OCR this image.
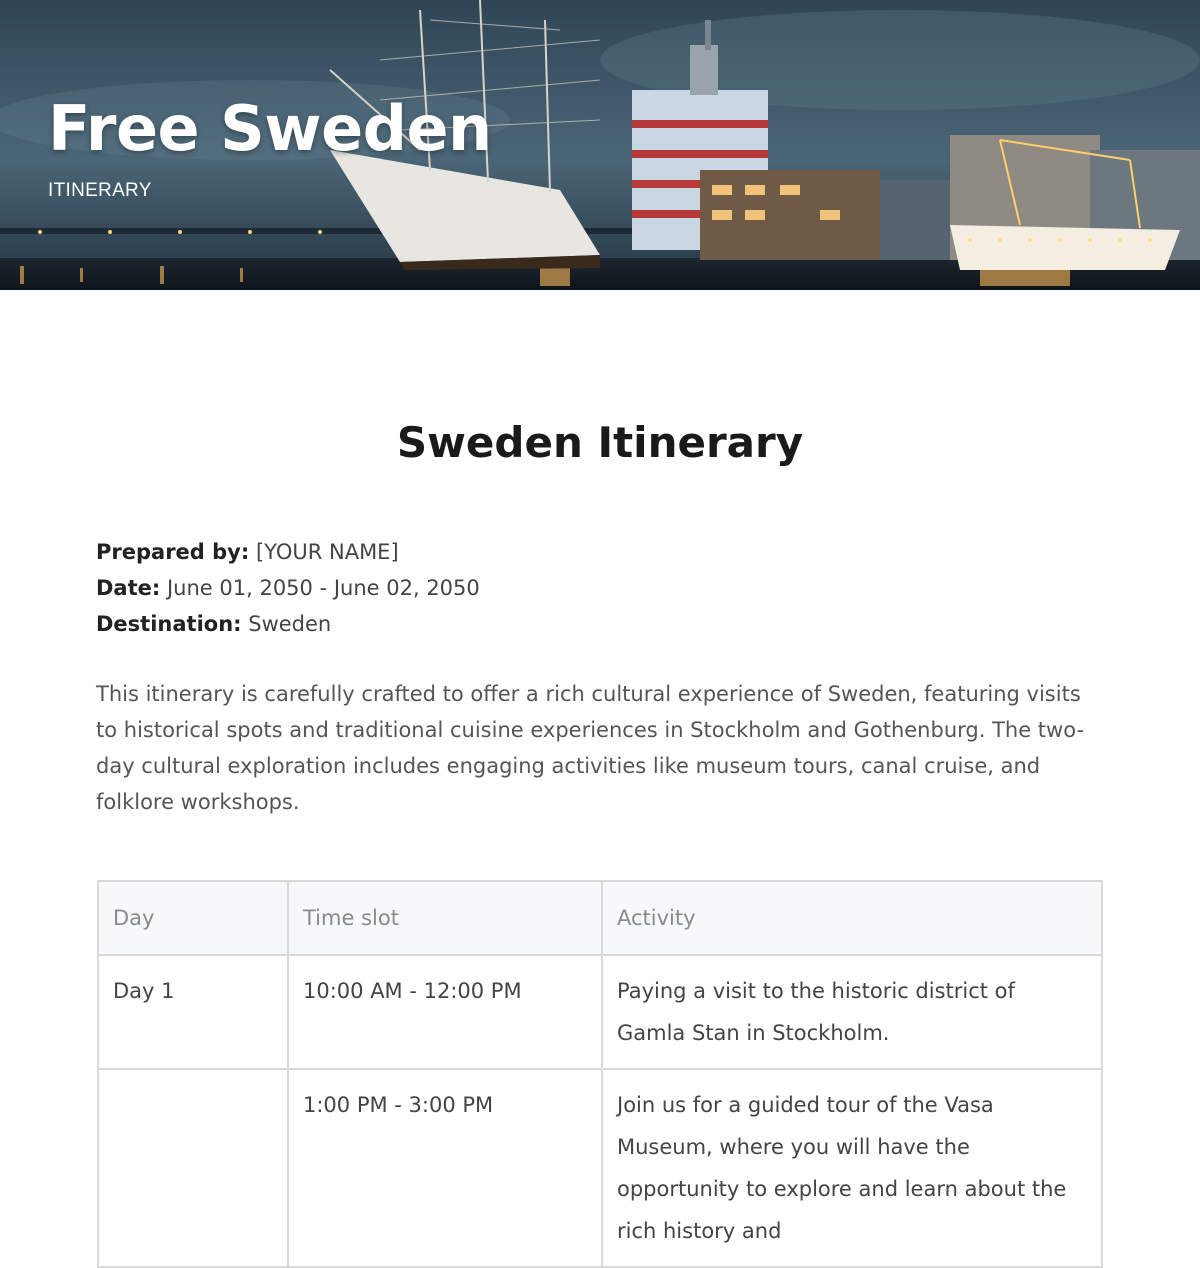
Free Sweden
ITINERARY
Sweden Itinerary
Prepared by: [YOUR NAME]
Date: June 01, 2050 - June 02, 2050
Destination: Sweden

This itinerary is carefully crafted to offer a rich cultural experience of Sweden, featuring visits to historical spots and traditional cuisine experiences in Stockholm and Gothenburg. The two-day cultural exploration includes engaging activities like museum tours, canal cruise, and folklore workshops.

Day	Time slot	Activity
Day 1	10:00 AM - 12:00 PM	Paying a visit to the historic district of Gamla Stan in Stockholm.
	1:00 PM - 3:00 PM	Join us for a guided tour of the Vasa Museum, where you will have the opportunity to explore and learn about the rich history and
